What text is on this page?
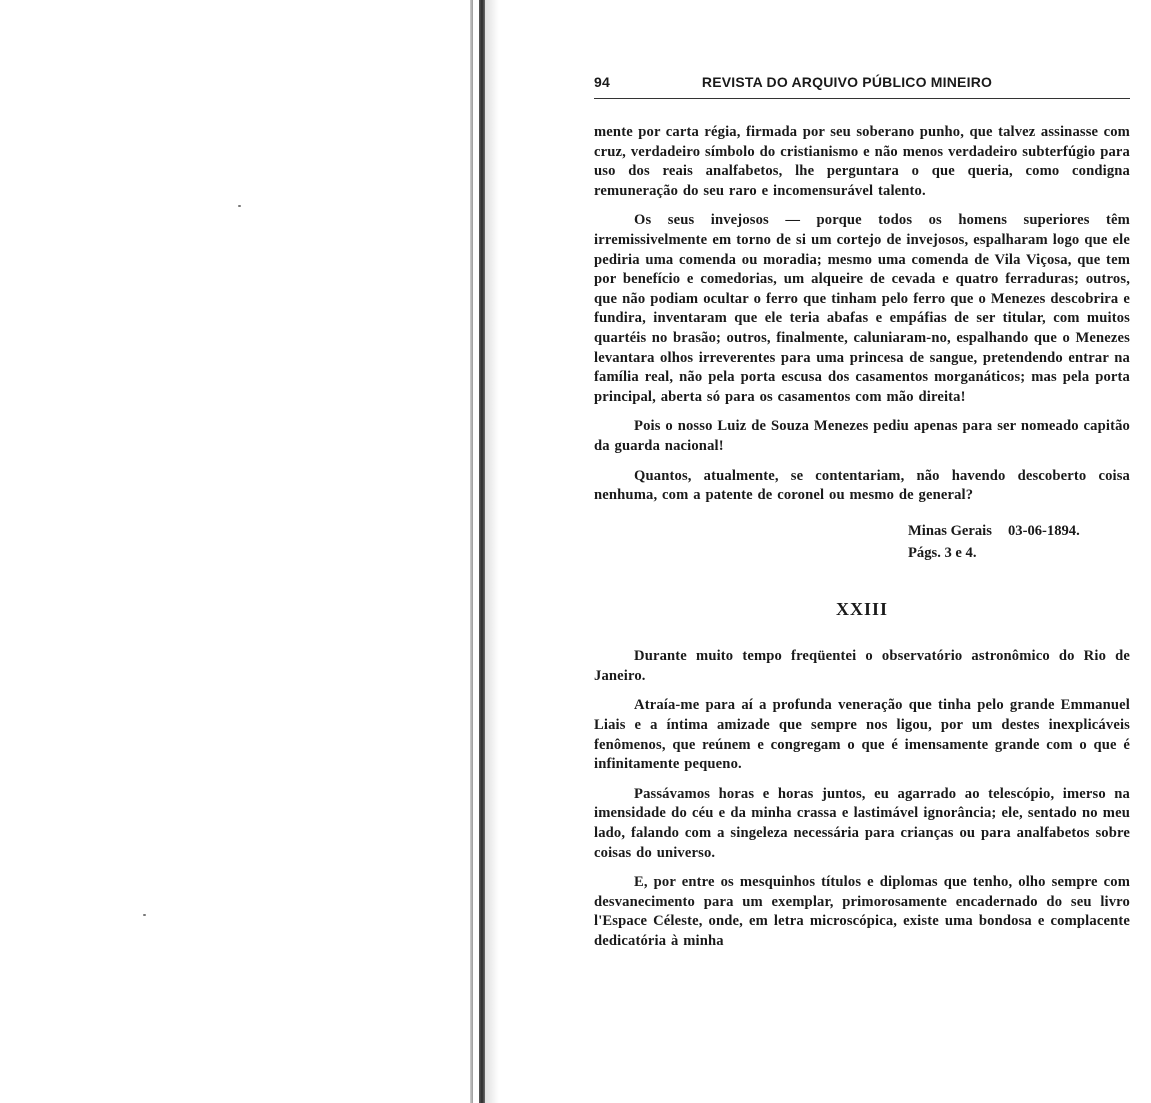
94	REVISTA DO ARQUIVO PÚBLICO MINEIRO

mente por carta régia, firmada por seu soberano punho, que talvez assinasse com cruz, verdadeiro símbolo do cristianismo e não menos verdadeiro subterfúgio para uso dos reais analfabetos, lhe perguntara o que queria, como condigna remuneração do seu raro e incomensurável talento.

Os seus invejosos — porque todos os homens superiores têm irremissivelmente em torno de si um cortejo de invejosos, espalharam logo que ele pediria uma comenda ou moradia; mesmo uma comenda de Vila Viçosa, que tem por benefício e comedorias, um alqueire de cevada e quatro ferraduras; outros, que não podiam ocultar o ferro que tinham pelo ferro que o Menezes descobrira e fundira, inventaram que ele teria abafas e empáfias de ser titular, com muitos quartéis no brasão; outros, finalmente, caluniaram-no, espalhando que o Menezes levantara olhos irreverentes para uma princesa de sangue, pretendendo entrar na família real, não pela porta escusa dos casamentos morganáticos; mas pela porta principal, aberta só para os casamentos com mão direita!

Pois o nosso Luiz de Souza Menezes pediu apenas para ser nomeado capitão da guarda nacional!

Quantos, atualmente, se contentariam, não havendo descoberto coisa nenhuma, com a patente de coronel ou mesmo de general?

Minas Gerais	03-06-1894.
Págs. 3 e 4.
XXIII

Durante muito tempo freqüentei o observatório astronômico do Rio de Janeiro.

Atraía-me para aí a profunda veneração que tinha pelo grande Emmanuel Liais e a íntima amizade que sempre nos ligou, por um destes inexplicáveis fenômenos, que reúnem e congregam o que é imensamente grande com o que é infinitamente pequeno.

Passávamos horas e horas juntos, eu agarrado ao telescópio, imerso na imensidade do céu e da minha crassa e lastimável ignorância; ele, sentado no meu lado, falando com a singeleza necessária para crianças ou para analfabetos sobre coisas do universo.

E, por entre os mesquinhos títulos e diplomas que tenho, olho sempre com desvanecimento para um exemplar, primorosamente encadernado do seu livro l'Espace Céleste, onde, em letra microscópica, existe uma bondosa e complacente dedicatória à minha
